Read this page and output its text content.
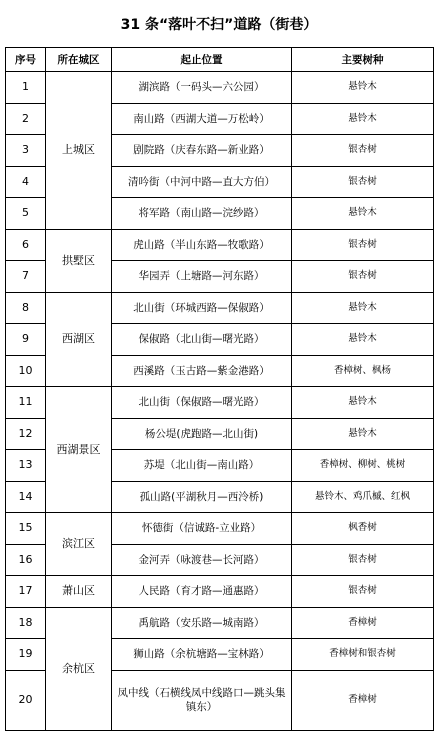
31 条“落叶不扫”道路（街巷）
序号	所在城区	起止位置	主要树种
1	上城区	湖滨路（一码头—六公园）	悬铃木
2		南山路（西湖大道—万松岭）	悬铃木
3		剧院路（庆春东路—新业路）	银杏树
4		清吟街（中河中路—直大方伯）	银杏树
5		将军路（南山路—浣纱路）	悬铃木
6	拱墅区	虎山路（半山东路—牧歌路）	银杏树
7		华园弄（上塘路—河东路）	银杏树
8	西湖区	北山街（环城西路—保俶路）	悬铃木
9		保俶路（北山街—曙光路）	悬铃木
10		西溪路（玉古路—紫金港路）	香樟树、枫杨
11	西湖景区	北山街（保俶路—曙光路）	悬铃木
12		杨公堤(虎跑路—北山街)	悬铃木
13		苏堤（北山街—南山路）	香樟树、柳树、桃树
14		孤山路(平湖秋月—西泠桥)	悬铃木、鸡爪槭、红枫
15	滨江区	怀德街（信诚路-立业路）	枫香树
16		金河弄（咏渡巷—长河路）	银杏树
17	萧山区	人民路（育才路—通惠路）	银杏树
18	余杭区	禹航路（安乐路—城南路）	香樟树
19		狮山路（余杭塘路—宝林路）	香樟树和银杏树
20		凤中线（石横线凤中线路口—跳头集镇东）	香樟树
